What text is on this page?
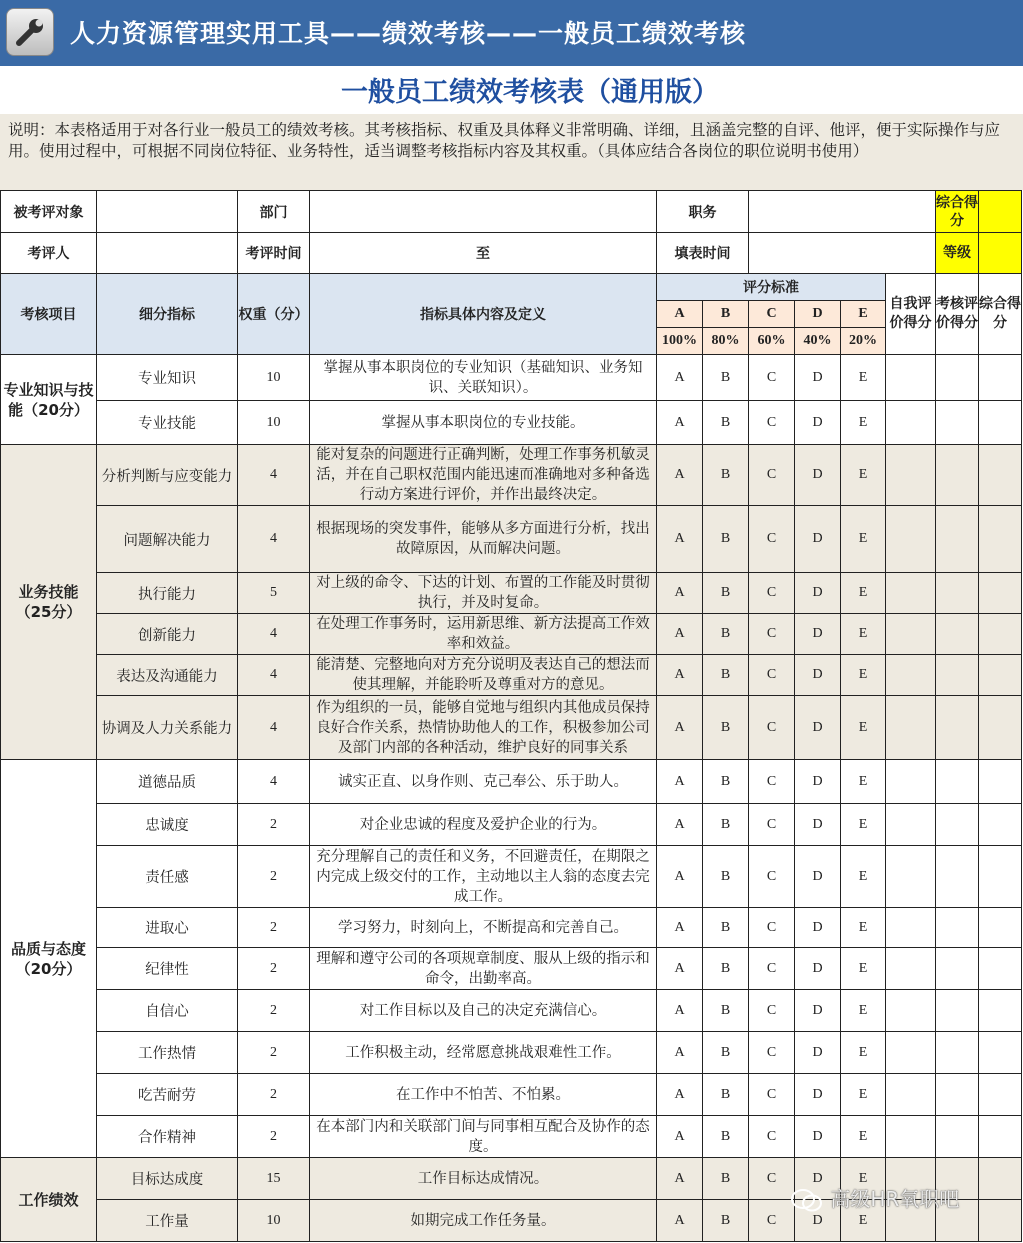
人力资源管理实用工具——绩效考核——一般员工绩效考核
一般员工绩效考核表（通用版）
说明：本表格适用于对各行业一般员工的绩效考核。其考核指标、权重及具体释义非常明确、详细，且涵盖完整的自评、他评，便于实际操作与应用。使用过程中，可根据不同岗位特征、业务特性，适当调整考核指标内容及其权重。（具体应结合各岗位的职位说明书使用）
被考评对象		部门		职务						综合得分	
考评人		考评时间	至	填表时间						等级	
考核项目	细分指标	权重（分）	指标具体内容及定义	评分标准					自我评价得分	考核评价得分	综合得分
				A	B	C	D	E			
				100%	80%	60%	40%	20%			
专业知识与技能（20分）	专业知识	10	掌握从事本职岗位的专业知识（基础知识、业务知识、关联知识）。	A	B	C	D	E			
	专业技能	10	掌握从事本职岗位的专业技能。	A	B	C	D	E			
业务技能（25分）	分析判断与应变能力	4	能对复杂的问题进行正确判断，处理工作事务机敏灵活，并在自己职权范围内能迅速而准确地对多种备选行动方案进行评价，并作出最终决定。	A	B	C	D	E			
	问题解决能力	4	根据现场的突发事件，能够从多方面进行分析，找出故障原因，从而解决问题。	A	B	C	D	E			
	执行能力	5	对上级的命令、下达的计划、布置的工作能及时贯彻执行，并及时复命。	A	B	C	D	E			
	创新能力	4	在处理工作事务时，运用新思维、新方法提高工作效率和效益。	A	B	C	D	E			
	表达及沟通能力	4	能清楚、完整地向对方充分说明及表达自己的想法而使其理解，并能聆听及尊重对方的意见。	A	B	C	D	E			
	协调及人力关系能力	4	作为组织的一员，能够自觉地与组织内其他成员保持良好合作关系，热情协助他人的工作，积极参加公司及部门内部的各种活动，维护良好的同事关系	A	B	C	D	E			
品质与态度（20分）	道德品质	4	诚实正直、以身作则、克己奉公、乐于助人。	A	B	C	D	E			
	忠诚度	2	对企业忠诚的程度及爱护企业的行为。	A	B	C	D	E			
	责任感	2	充分理解自己的责任和义务，不回避责任，在期限之内完成上级交付的工作，主动地以主人翁的态度去完成工作。	A	B	C	D	E			
	进取心	2	学习努力，时刻向上，不断提高和完善自己。	A	B	C	D	E			
	纪律性	2	理解和遵守公司的各项规章制度、服从上级的指示和命令，出勤率高。	A	B	C	D	E			
	自信心	2	对工作目标以及自己的决定充满信心。	A	B	C	D	E			
	工作热情	2	工作积极主动，经常愿意挑战艰难性工作。	A	B	C	D	E			
	吃苦耐劳	2	在工作中不怕苦、不怕累。	A	B	C	D	E			
	合作精神	2	在本部门内和关联部门间与同事相互配合及协作的态度。	A	B	C	D	E			
工作绩效	目标达成度	15	工作目标达成情况。	A	B	C	D	E			
	工作量	10	如期完成工作任务量。	A	B	C	D	E			
高级HR氧职吧
